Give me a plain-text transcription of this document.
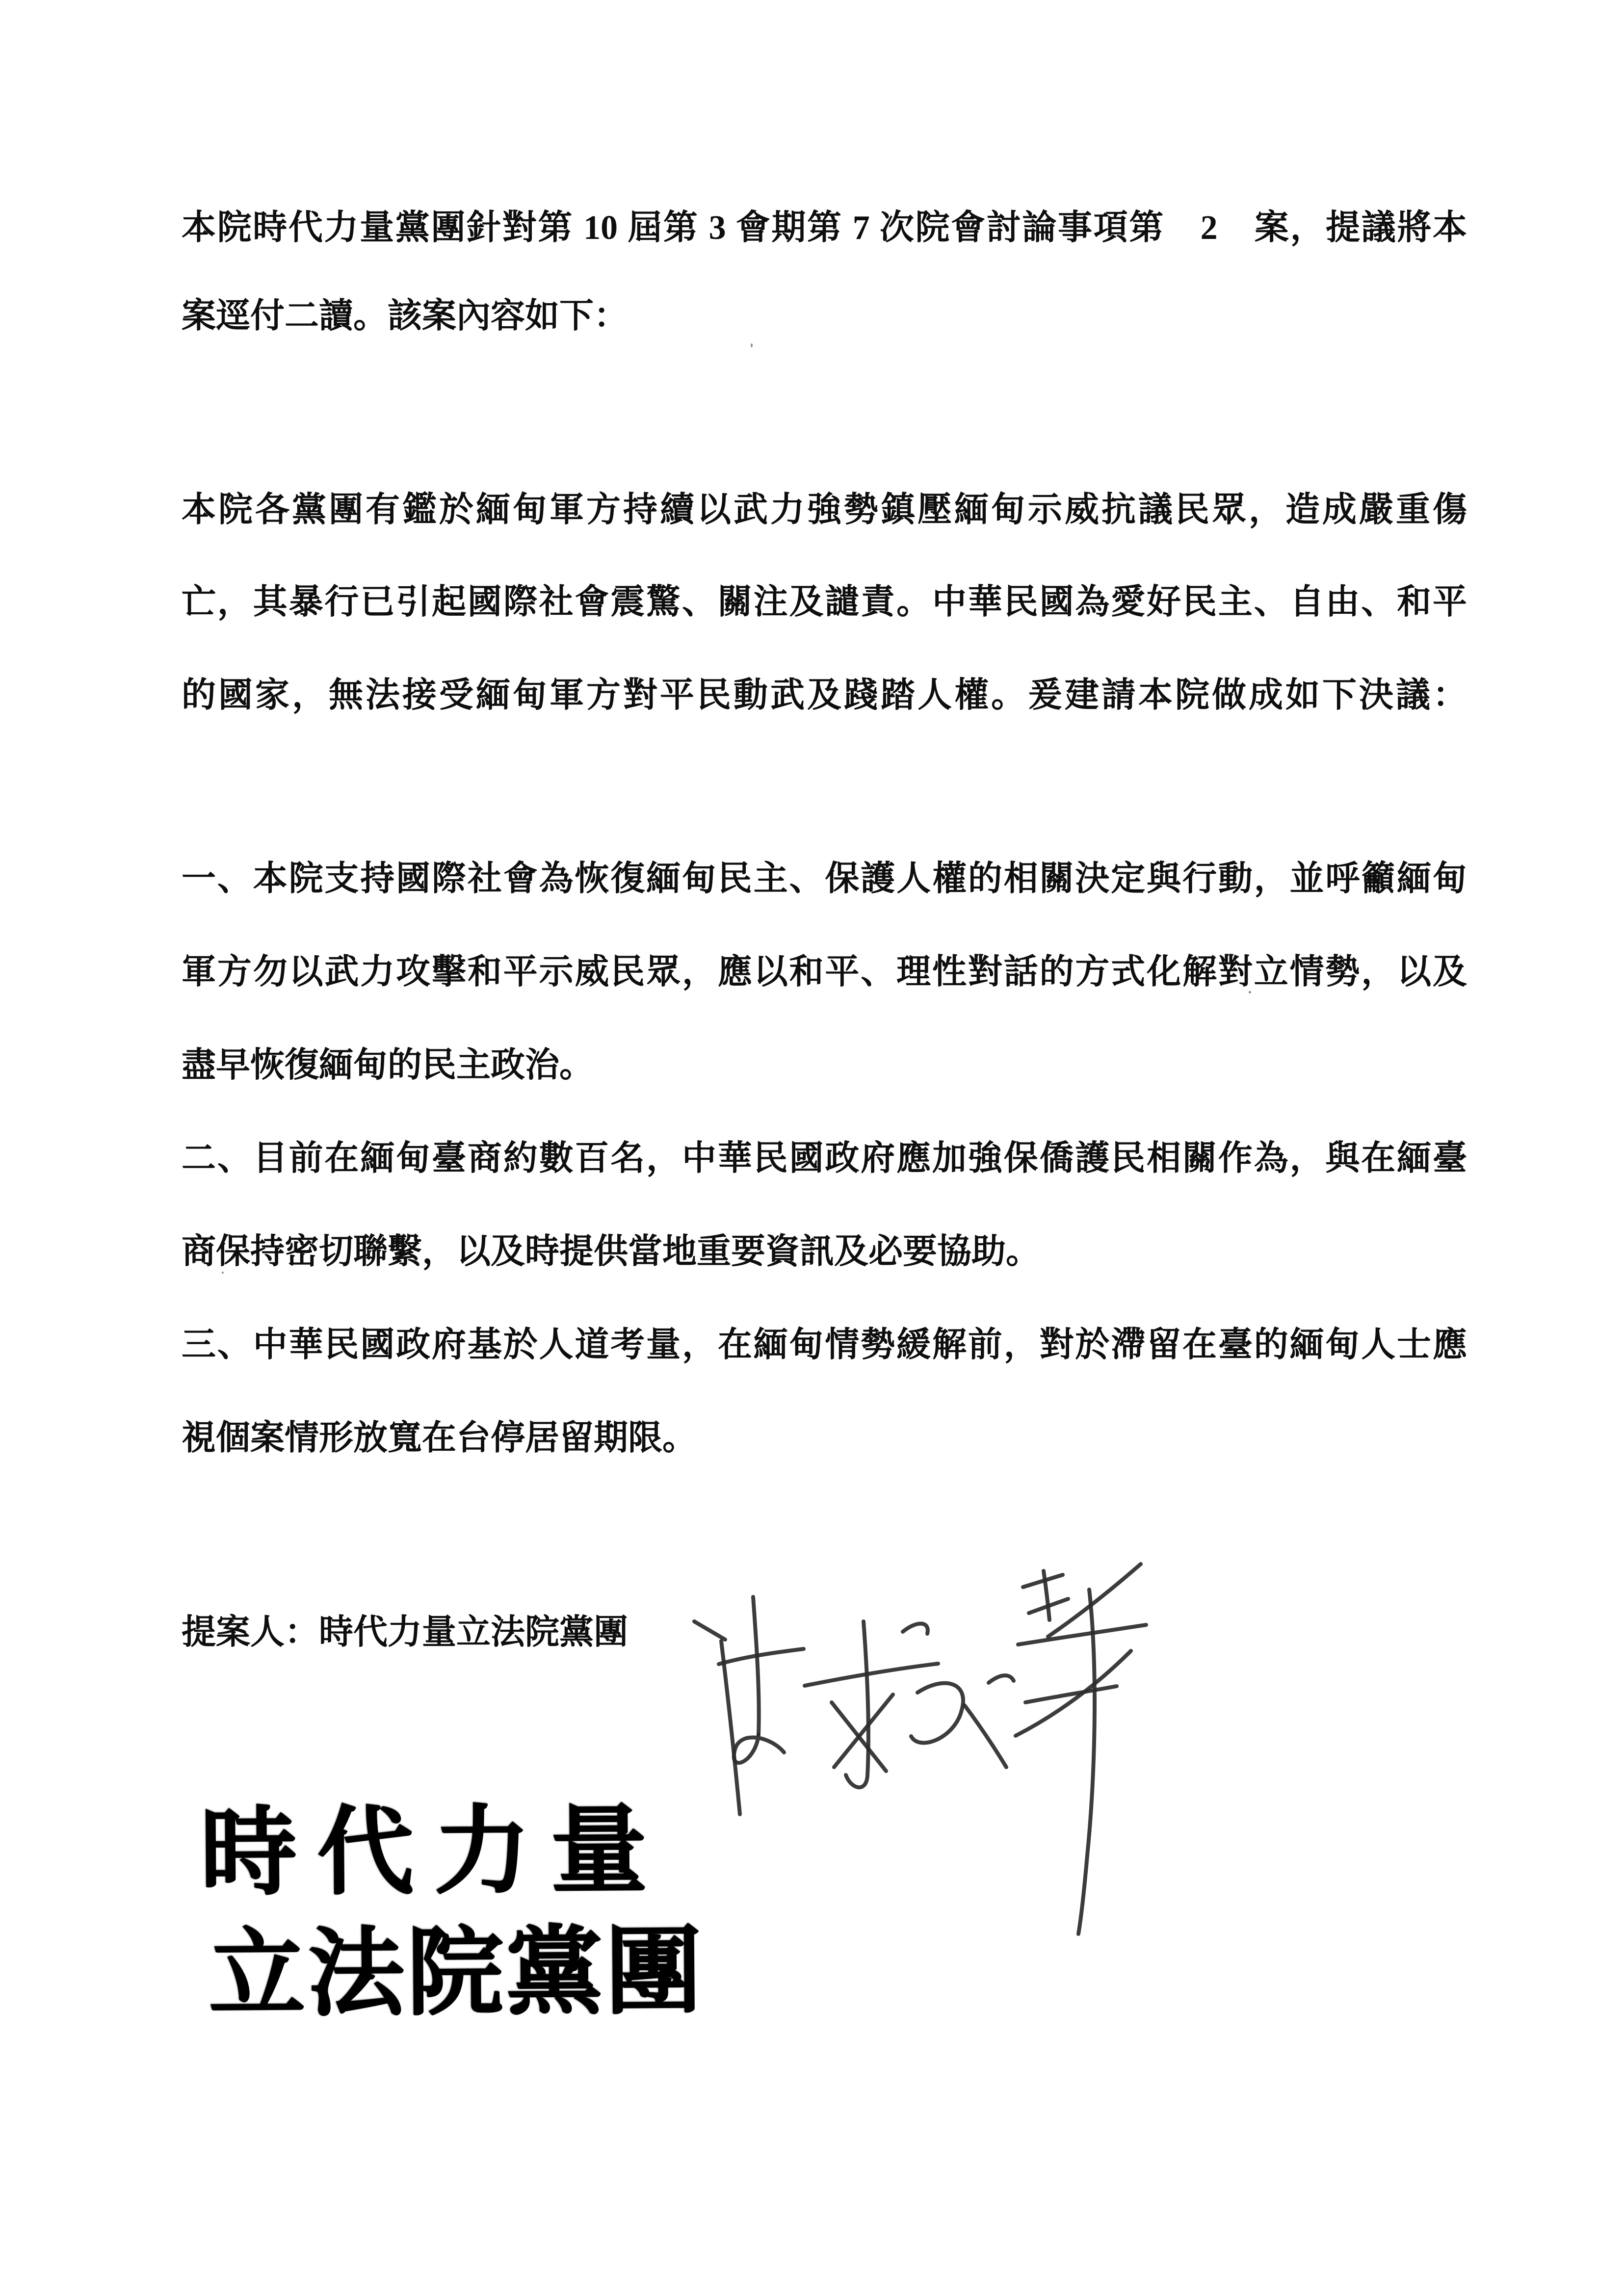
本院時代力量黨團針對第 10 屆第 3 會期第 7 次院會討論事項第　2　案，提議將本
案逕付二讀。該案內容如下：
本院各黨團有鑑於緬甸軍方持續以武力強勢鎮壓緬甸示威抗議民眾，造成嚴重傷
亡，其暴行已引起國際社會震驚、關注及譴責。中華民國為愛好民主、自由、和平
的國家，無法接受緬甸軍方對平民動武及踐踏人權。爰建請本院做成如下決議：
一、本院支持國際社會為恢復緬甸民主、保護人權的相關決定與行動，並呼籲緬甸
軍方勿以武力攻擊和平示威民眾，應以和平、理性對話的方式化解對立情勢，以及
盡早恢復緬甸的民主政治。
二、目前在緬甸臺商約數百名，中華民國政府應加強保僑護民相關作為，與在緬臺
商保持密切聯繫，以及時提供當地重要資訊及必要協助。
三、中華民國政府基於人道考量，在緬甸情勢緩解前，對於滯留在臺的緬甸人士應
視個案情形放寬在台停居留期限。
提案人：時代力量立法院黨團
時代力量
立法院黨團
